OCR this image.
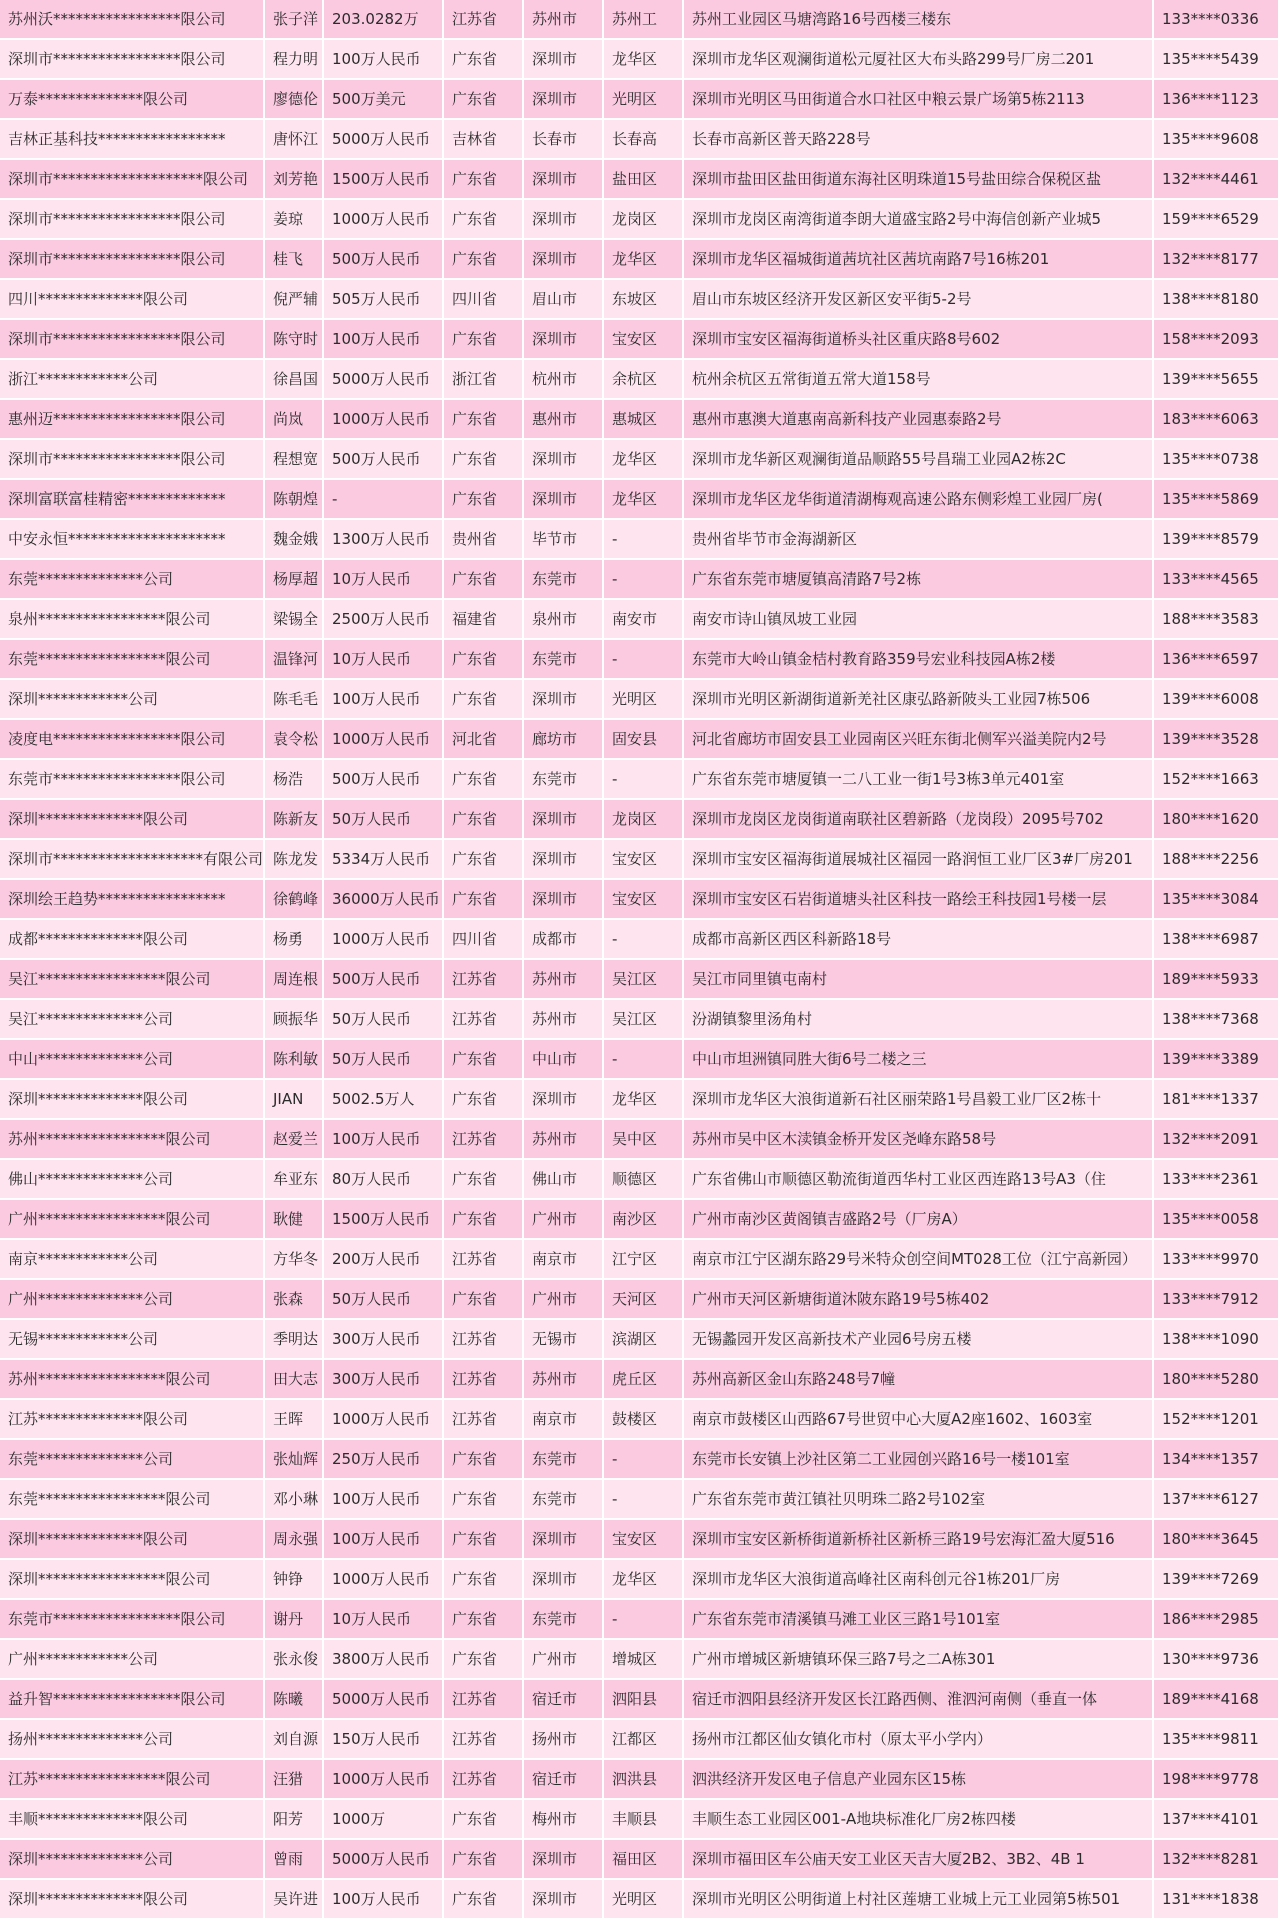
苏州沃*****************限公司	张子洋	203.0282万	江苏省	苏州市	苏州工	苏州工业园区马塘湾路16号西楼三楼东	133****0336
深圳市*****************限公司	程力明	100万人民币	广东省	深圳市	龙华区	深圳市龙华区观澜街道松元厦社区大布头路299号厂房二201	135****5439
万泰**************限公司	廖德伦	500万美元	广东省	深圳市	光明区	深圳市光明区马田街道合水口社区中粮云景广场第5栋2113	136****1123
吉林正基科技*****************	唐怀江	5000万人民币	吉林省	长春市	长春高	长春市高新区普天路228号	135****9608
深圳市********************限公司	刘芳艳	1500万人民币	广东省	深圳市	盐田区	深圳市盐田区盐田街道东海社区明珠道15号盐田综合保税区盐	132****4461
深圳市*****************限公司	姜琼	1000万人民币	广东省	深圳市	龙岗区	深圳市龙岗区南湾街道李朗大道盛宝路2号中海信创新产业城5	159****6529
深圳市*****************限公司	桂飞	500万人民币	广东省	深圳市	龙华区	深圳市龙华区福城街道茜坑社区茜坑南路7号16栋201	132****8177
四川**************限公司	倪严辅	505万人民币	四川省	眉山市	东坡区	眉山市东坡区经济开发区新区安平街5-2号	138****8180
深圳市*****************限公司	陈守时	100万人民币	广东省	深圳市	宝安区	深圳市宝安区福海街道桥头社区重庆路8号602	158****2093
浙江************公司	徐昌国	5000万人民币	浙江省	杭州市	余杭区	杭州余杭区五常街道五常大道158号	139****5655
惠州迈*****************限公司	尚岚	1000万人民币	广东省	惠州市	惠城区	惠州市惠澳大道惠南高新科技产业园惠泰路2号	183****6063
深圳市*****************限公司	程想宽	500万人民币	广东省	深圳市	龙华区	深圳市龙华新区观澜街道品顺路55号昌瑞工业园A2栋2C	135****0738
深圳富联富桂精密*************	陈朝煌	-	广东省	深圳市	龙华区	深圳市龙华区龙华街道清湖梅观高速公路东侧彩煌工业园厂房(	135****5869
中安永恒*********************	魏金娥	1300万人民币	贵州省	毕节市	-	贵州省毕节市金海湖新区	139****8579
东莞**************公司	杨厚超	10万人民币	广东省	东莞市	-	广东省东莞市塘厦镇高清路7号2栋	133****4565
泉州*****************限公司	梁锡全	2500万人民币	福建省	泉州市	南安市	南安市诗山镇凤坡工业园	188****3583
东莞*****************限公司	温锋河	10万人民币	广东省	东莞市	-	东莞市大岭山镇金桔村教育路359号宏业科技园A栋2楼	136****6597
深圳************公司	陈毛毛	100万人民币	广东省	深圳市	光明区	深圳市光明区新湖街道新羌社区康弘路新陂头工业园7栋506	139****6008
凌度电*****************限公司	袁令松	1000万人民币	河北省	廊坊市	固安县	河北省廊坊市固安县工业园南区兴旺东街北侧军兴溢美院内2号	139****3528
东莞市*****************限公司	杨浩	500万人民币	广东省	东莞市	-	广东省东莞市塘厦镇一二八工业一街1号3栋3单元401室	152****1663
深圳**************限公司	陈新友	50万人民币	广东省	深圳市	龙岗区	深圳市龙岗区龙岗街道南联社区碧新路（龙岗段）2095号702	180****1620
深圳市********************有限公司	陈龙发	5334万人民币	广东省	深圳市	宝安区	深圳市宝安区福海街道展城社区福园一路润恒工业厂区3#厂房201	188****2256
深圳绘王趋势*****************	徐鹤峰	36000万人民币	广东省	深圳市	宝安区	深圳市宝安区石岩街道塘头社区科技一路绘王科技园1号楼一层	135****3084
成都**************限公司	杨勇	1000万人民币	四川省	成都市	-	成都市高新区西区科新路18号	138****6987
吴江*****************限公司	周连根	500万人民币	江苏省	苏州市	吴江区	吴江市同里镇屯南村	189****5933
吴江**************公司	顾振华	50万人民币	江苏省	苏州市	吴江区	汾湖镇黎里汤角村	138****7368
中山**************公司	陈利敏	50万人民币	广东省	中山市	-	中山市坦洲镇同胜大街6号二楼之三	139****3389
深圳**************限公司	JIAN	5002.5万人	广东省	深圳市	龙华区	深圳市龙华区大浪街道新石社区丽荣路1号昌毅工业厂区2栋十	181****1337
苏州*****************限公司	赵爱兰	100万人民币	江苏省	苏州市	吴中区	苏州市吴中区木渎镇金桥开发区尧峰东路58号	132****2091
佛山**************公司	牟亚东	80万人民币	广东省	佛山市	顺德区	广东省佛山市顺德区勒流街道西华村工业区西连路13号A3（住	133****2361
广州*****************限公司	耿健	1500万人民币	广东省	广州市	南沙区	广州市南沙区黄阁镇吉盛路2号（厂房A）	135****0058
南京************公司	方华冬	200万人民币	江苏省	南京市	江宁区	南京市江宁区湖东路29号米特众创空间MT028工位（江宁高新园）	133****9970
广州**************公司	张森	50万人民币	广东省	广州市	天河区	广州市天河区新塘街道沐陂东路19号5栋402	133****7912
无锡************公司	季明达	300万人民币	江苏省	无锡市	滨湖区	无锡蠡园开发区高新技术产业园6号房五楼	138****1090
苏州*****************限公司	田大志	300万人民币	江苏省	苏州市	虎丘区	苏州高新区金山东路248号7幢	180****5280
江苏**************限公司	王晖	1000万人民币	江苏省	南京市	鼓楼区	南京市鼓楼区山西路67号世贸中心大厦A2座1602、1603室	152****1201
东莞**************公司	张灿辉	250万人民币	广东省	东莞市	-	东莞市长安镇上沙社区第二工业园创兴路16号一楼101室	134****1357
东莞*****************限公司	邓小琳	100万人民币	广东省	东莞市	-	广东省东莞市黄江镇社贝明珠二路2号102室	137****6127
深圳**************限公司	周永强	100万人民币	广东省	深圳市	宝安区	深圳市宝安区新桥街道新桥社区新桥三路19号宏海汇盈大厦516	180****3645
深圳*****************限公司	钟铮	1000万人民币	广东省	深圳市	龙华区	深圳市龙华区大浪街道高峰社区南科创元谷1栋201厂房	139****7269
东莞市*****************限公司	谢丹	10万人民币	广东省	东莞市	-	广东省东莞市清溪镇马滩工业区三路1号101室	186****2985
广州************公司	张永俊	3800万人民币	广东省	广州市	增城区	广州市增城区新塘镇环保三路7号之二A栋301	130****9736
益升智*****************限公司	陈曦	5000万人民币	江苏省	宿迁市	泗阳县	宿迁市泗阳县经济开发区长江路西侧、淮泗河南侧（垂直一体	189****4168
扬州**************公司	刘自源	150万人民币	江苏省	扬州市	江都区	扬州市江都区仙女镇化市村（原太平小学内）	135****9811
江苏*****************限公司	汪猎	1000万人民币	江苏省	宿迁市	泗洪县	泗洪经济开发区电子信息产业园东区15栋	198****9778
丰顺**************限公司	阳芳	1000万	广东省	梅州市	丰顺县	丰顺生态工业园区001-A地块标准化厂房2栋四楼	137****4101
深圳**************公司	曾雨	5000万人民币	广东省	深圳市	福田区	深圳市福田区车公庙天安工业区天吉大厦2B2、3B2、4B 1	132****8281
深圳**************限公司	吴许进	100万人民币	广东省	深圳市	光明区	深圳市光明区公明街道上村社区莲塘工业城上元工业园第5栋501	131****1838
